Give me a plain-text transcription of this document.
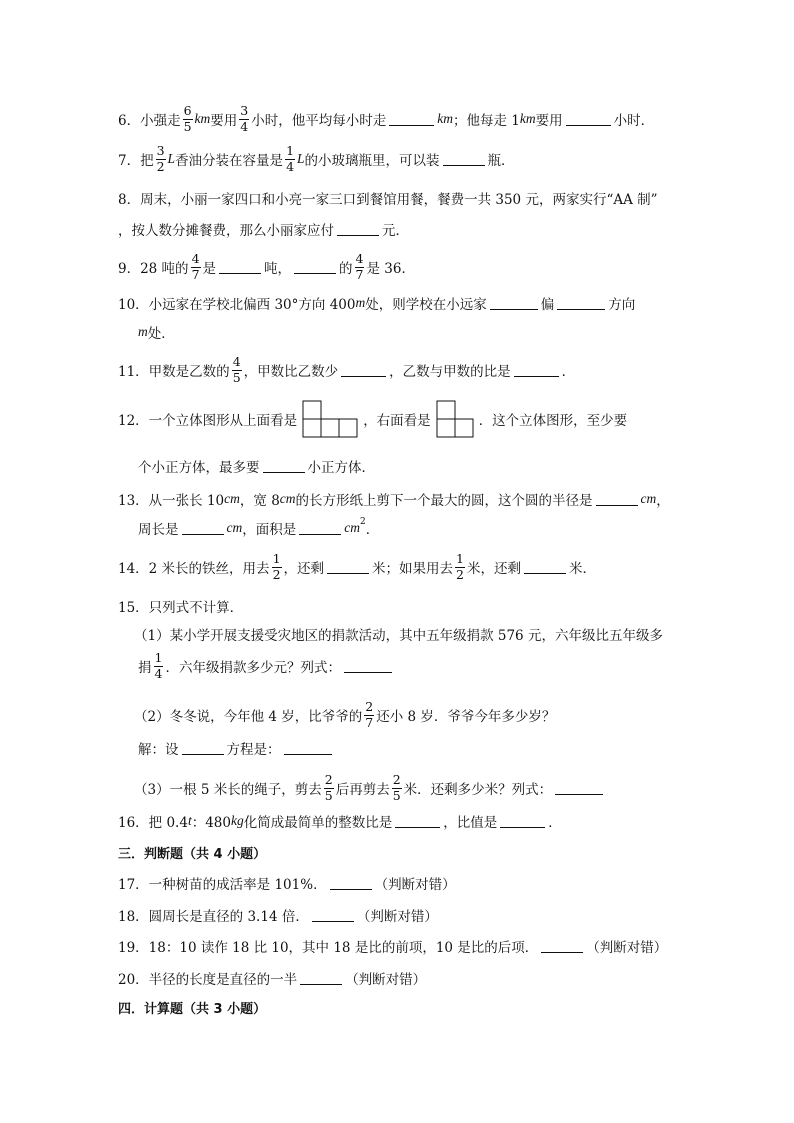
6．小强走 $\frac{6}{5}$ km 要用 $\frac{3}{4}$ 小时，他平均每小时走	km ；他每走 1 km 要用	小时．
7．把 $\frac{3}{2}$ L 香油分装在容量是 $\frac{1}{4}$ L 的小玻璃瓶里，可以装	瓶．
8．周末，小丽一家四口和小亮一家三口到餐馆用餐，餐费一共 350 元，两家实行“AA 制”
，按人数分摊餐费，那么小丽家应付	元．
9．28 吨的 $\frac{4}{7}$ 是	吨，	的 $\frac{4}{7}$ 是 36．
10．小远家在学校北偏西 30°方向 400 m 处，则学校在小远家	偏	方向
m 处．
11．甲数是乙数的 $\frac{4}{5}$ ，甲数比乙数少	，乙数与甲数的比是	．
12．一个立体图形从上面看是	，右面看是	．这个立体图形，至少要
个小正方体，最多要	小正方体．
13．从一张长 10 cm ，宽 8 cm 的长方形纸上剪下一个最大的圆，这个圆的半径是	cm ，
周长是	cm ，面积是	cm 2 ．
14．2 米长的铁丝，用去 $\frac{1}{2}$ ，还剩	米；如果用去 $\frac{1}{2}$ 米，还剩	米．
15．只列式不计算．
（1）某小学开展支援受灾地区的捐款活动，其中五年级捐款 576 元，六年级比五年级多
捐 $\frac{1}{4}$ ．六年级捐款多少元？列式：
（2）冬冬说，今年他 4 岁，比爷爷的 $\frac{2}{7}$ 还小 8 岁．爷爷今年多少岁？
解：设	方程是：
（3）一根 5 米长的绳子，剪去 $\frac{2}{5}$ 后再剪去 $\frac{2}{5}$ 米．还剩多少米？列式：
16．把 0.4 t ：480 kg 化简成最简单的整数比是	，比值是	．
三．判断题（共 4 小题）
17．一种树苗的成活率是 101%．	（判断对错）
18．圆周长是直径的 3.14 倍．	（判断对错）
19．18：10 读作 18 比 10，其中 18 是比的前项，10 是比的后项．	（判断对错）
20．半径的长度是直径的一半	（判断对错）
四．计算题（共 3 小题）
